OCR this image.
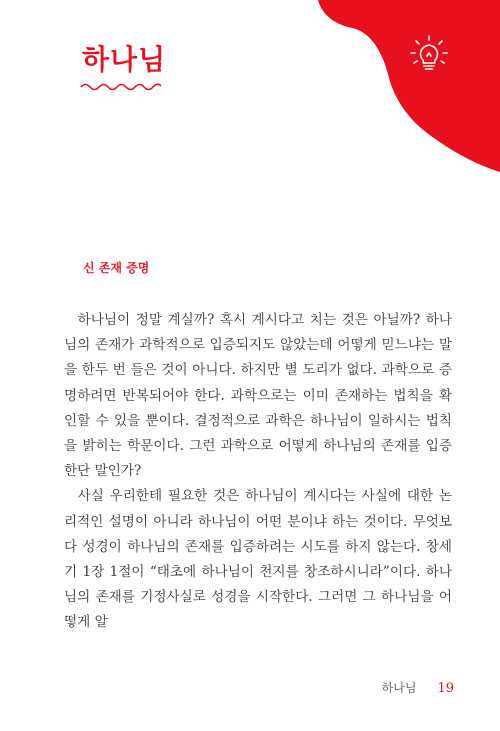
하나님
신 존재 증명

하나님이 정말 계실까? 혹시 계시다고 치는 것은 아닐까? 하나님의 존재가 과학적으로 입증되지도 않았는데 어떻게 믿느냐는 말을 한두 번 들은 것이 아니다. 하지만 별 도리가 없다. 과학으로 증명하려면 반복되어야 한다. 과학으로는 이미 존재하는 법칙을 확인할 수 있을 뿐이다. 결정적으로 과학은 하나님이 일하시는 법칙을 밝히는 학문이다. 그런 과학으로 어떻게 하나님의 존재를 입증한단 말인가?

사실 우리한테 필요한 것은 하나님이 계시다는 사실에 대한 논리적인 설명이 아니라 하나님이 어떤 분이냐 하는 것이다. 무엇보다 성경이 하나님의 존재를 입증하려는 시도를 하지 않는다. 창세기 1장 1절이 “태초에 하나님이 천지를 창조하시니라”이다. 하나님의 존재를 기정사실로 성경을 시작한다. 그러면 그 하나님을 어떻게 알

하나님 19
